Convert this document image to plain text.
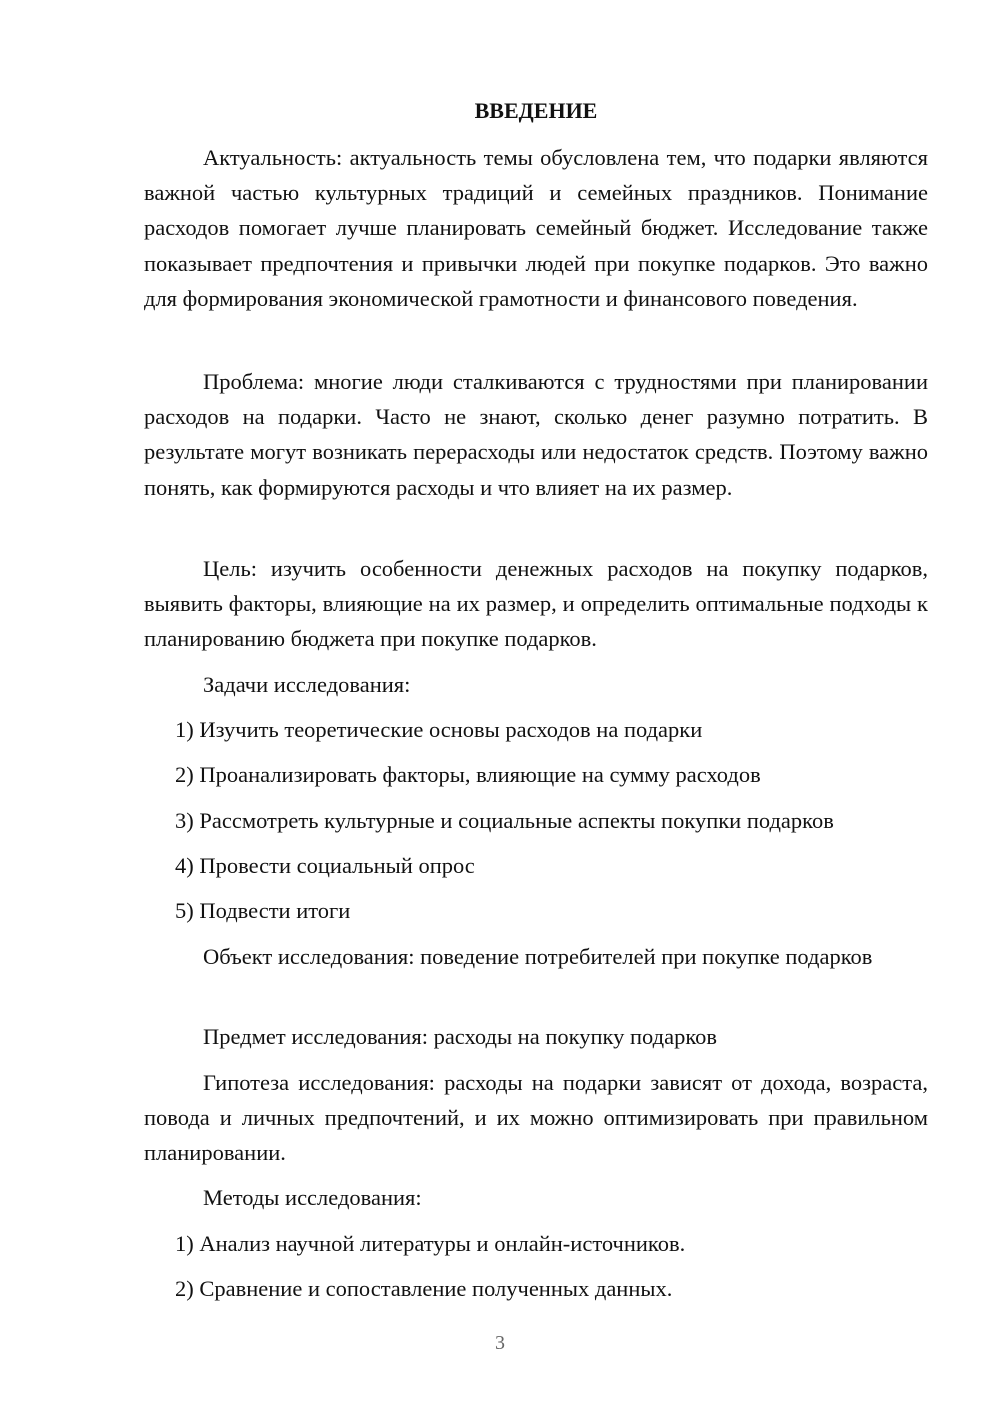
ВВЕДЕНИЕ

Актуальность: актуальность темы обусловлена тем, что подарки являются важной частью культурных традиций и семейных праздников. Понимание расходов помогает лучше планировать семейный бюджет. Исследование также показывает предпочтения и привычки людей при покупке подарков. Это важно для формирования экономической грамотности и финансового поведения.

Проблема: многие люди сталкиваются с трудностями при планировании расходов на подарки. Часто не знают, сколько денег разумно потратить. В результате могут возникать перерасходы или недостаток средств. Поэтому важно понять, как формируются расходы и что влияет на их размер.

Цель: изучить особенности денежных расходов на покупку подарков, выявить факторы, влияющие на их размер, и определить оптимальные подходы к планированию бюджета при покупке подарков.

Задачи исследования:

1) Изучить теоретические основы расходов на подарки

2) Проанализировать факторы, влияющие на сумму расходов

3) Рассмотреть культурные и социальные аспекты покупки подарков

4) Провести социальный опрос

5) Подвести итоги

Объект исследования: поведение потребителей при покупке подарков

Предмет исследования: расходы на покупку подарков

Гипотеза исследования: расходы на подарки зависят от дохода, возраста, повода и личных предпочтений, и их можно оптимизировать при правильном планировании.

Методы исследования:

1) Анализ научной литературы и онлайн-источников.

2) Сравнение и сопоставление полученных данных.

3
